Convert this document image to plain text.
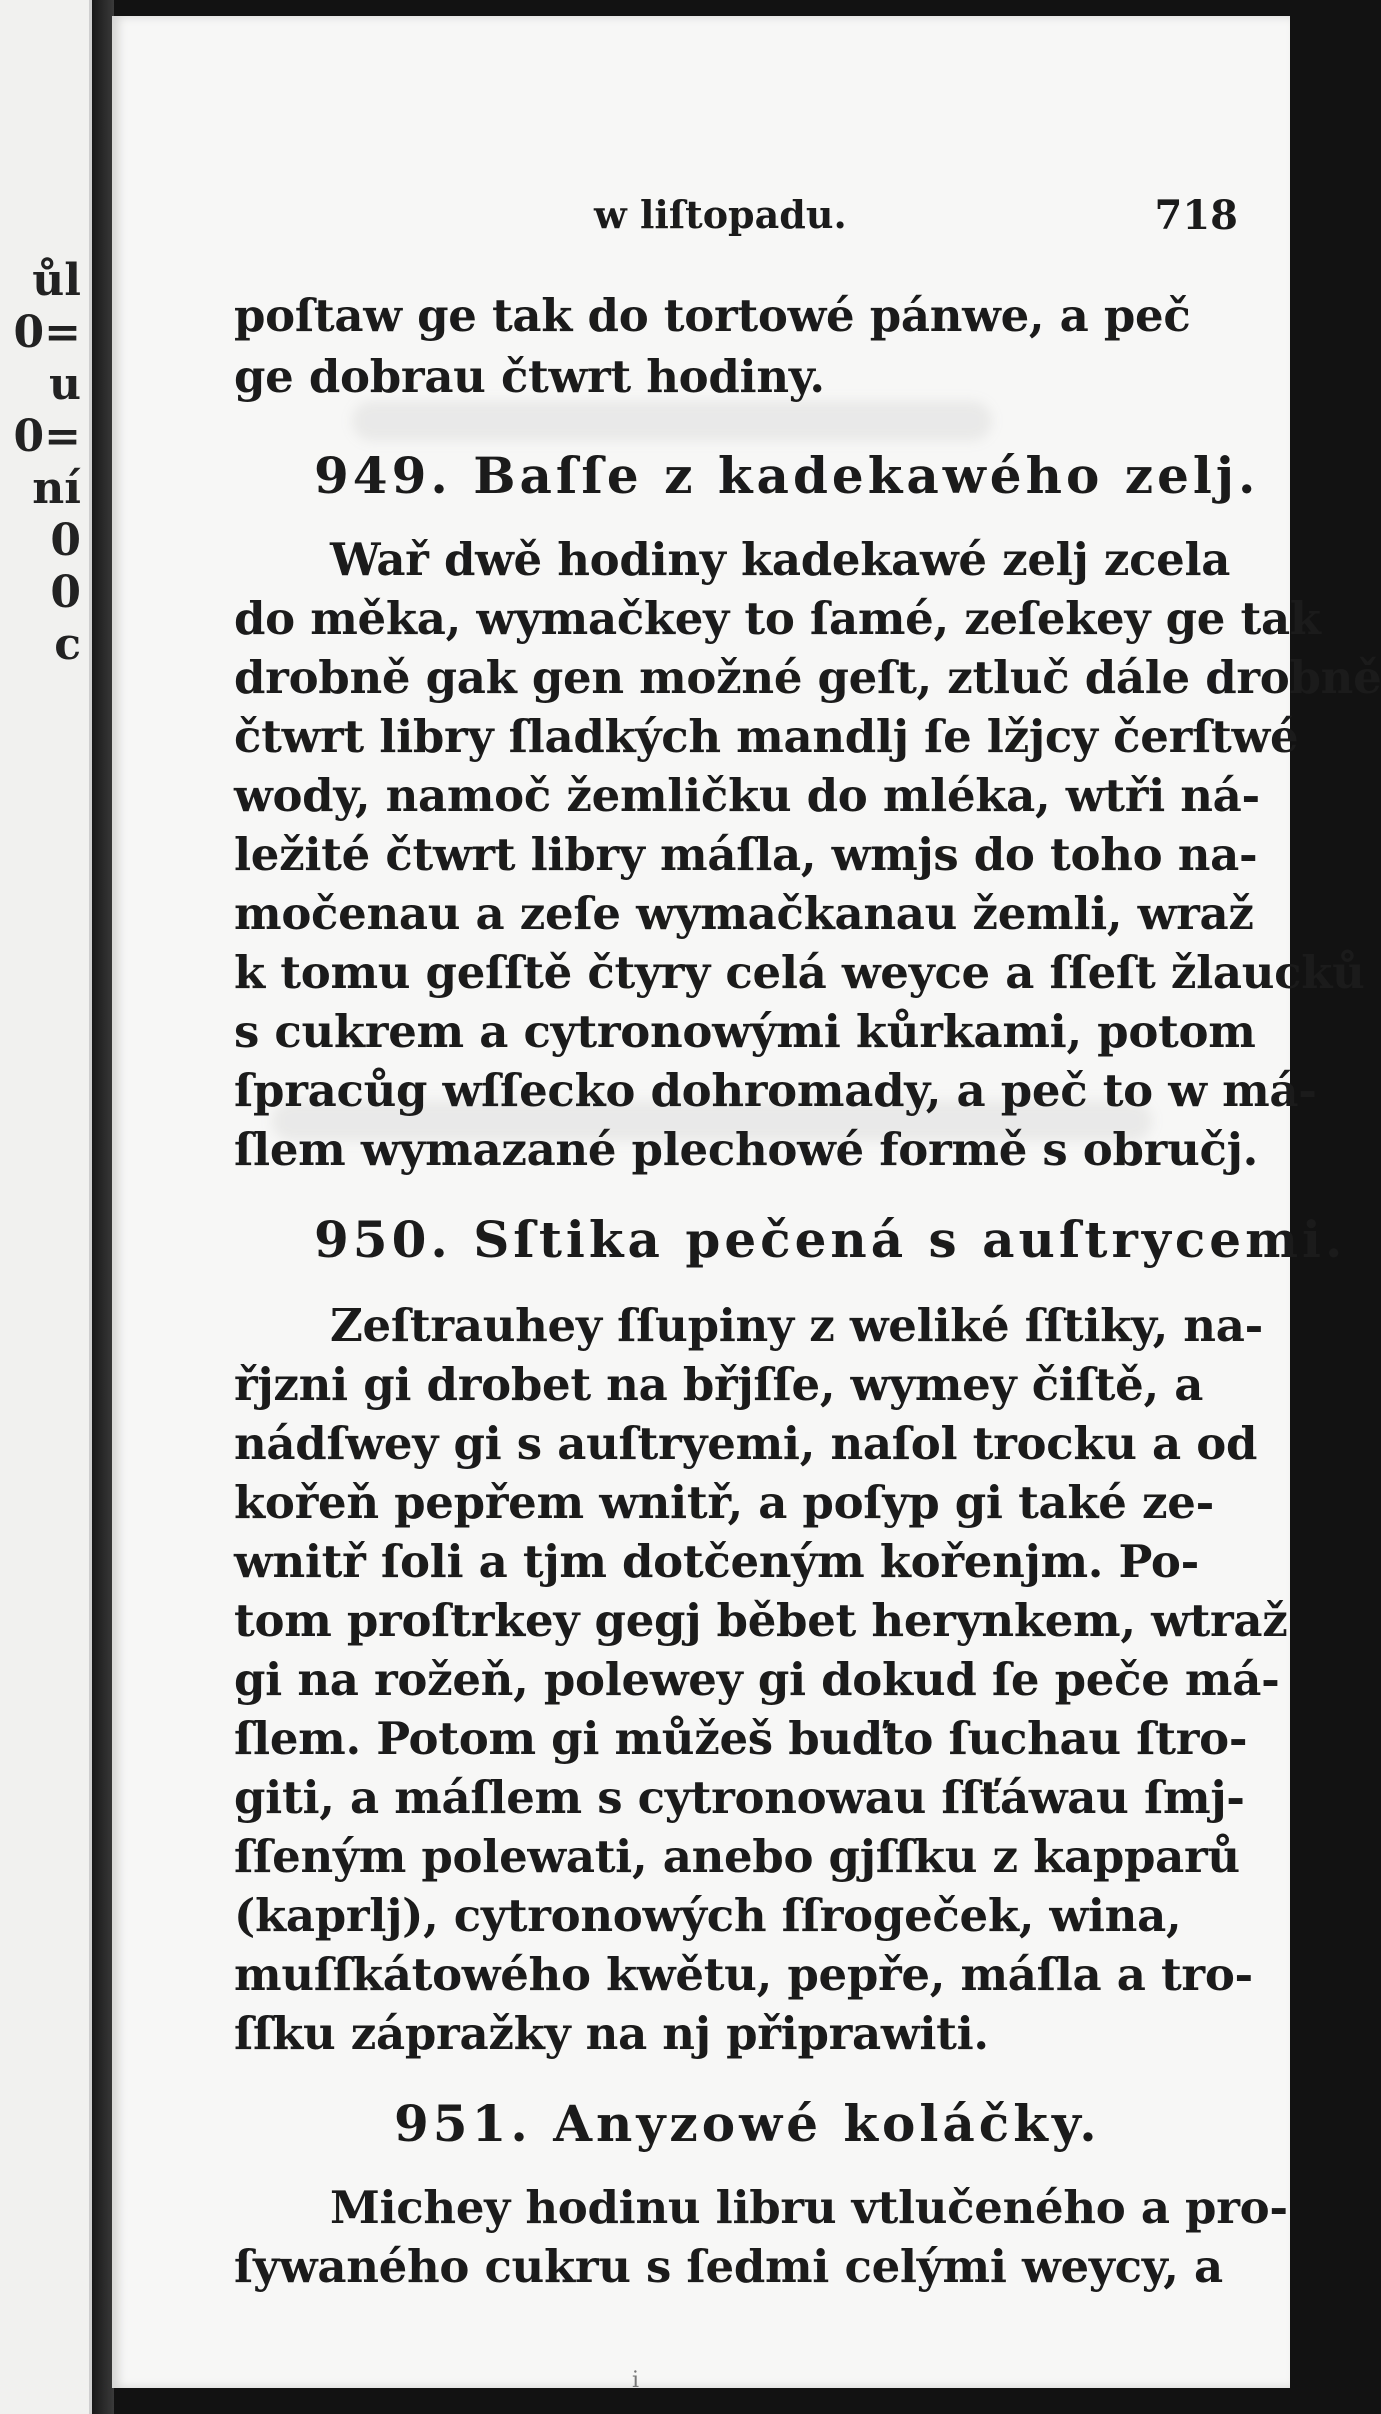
ůl
0=
u
0=
ní
0
0
c
w liſtopadu.	718
poſtaw ge tak do tortowé pánwe, a peč
ge dobrau čtwrt hodiny.
949. Baſſe z kadekawého zelj.
Wař dwě hodiny kadekawé zelj zcela
do měka, wymačkey to ſamé, zeſekey ge tak
drobně gak gen možné geſt, ztluč dále drobně
čtwrt libry ſladkých mandlj ſe lžjcy čerſtwé
wody, namoč žemličku do mléka, wtři ná-
ležité čtwrt libry máſla, wmjs do toho na-
močenau a zeſe wymačkanau žemli, wraž
k tomu geſſtě čtyry celá weyce a ſſeſt žlaucků
s cukrem a cytronowými kůrkami, potom
ſpracůg wſſecko dohromady, a peč to w má-
ſlem wymazané plechowé formě s obručj.
950. Sſtika pečená s auſtrycemi.
Zeſtrauhey ſſupiny z weliké ſſtiky, na-
řjzni gi drobet na břjſſe, wymey čiſtě, a
nádſwey gi s auſtryemi, naſol trocku a od
kořeň pepřem wnitř, a poſyp gi také ze-
wnitř ſoli a tjm dotčeným kořenjm. Po-
tom proſtrkey gegj běbet herynkem, wtraž
gi na rožeň, polewey gi dokud ſe peče má-
ſlem. Potom gi můžeš buďto ſuchau ſtro-
giti, a máſlem s cytronowau ſſťáwau ſmj-
ſſeným polewati, anebo gjſſku z kapparů
(kaprlj), cytronowých ſſrogeček, wina,
muſſkátowého kwětu, pepře, máſla a tro-
ſſku zápražky na nj připrawiti.
951. Anyzowé koláčky.
Michey hodinu libru vtlučeného a pro-
ſywaného cukru s ſedmi celými weycy, a
i
